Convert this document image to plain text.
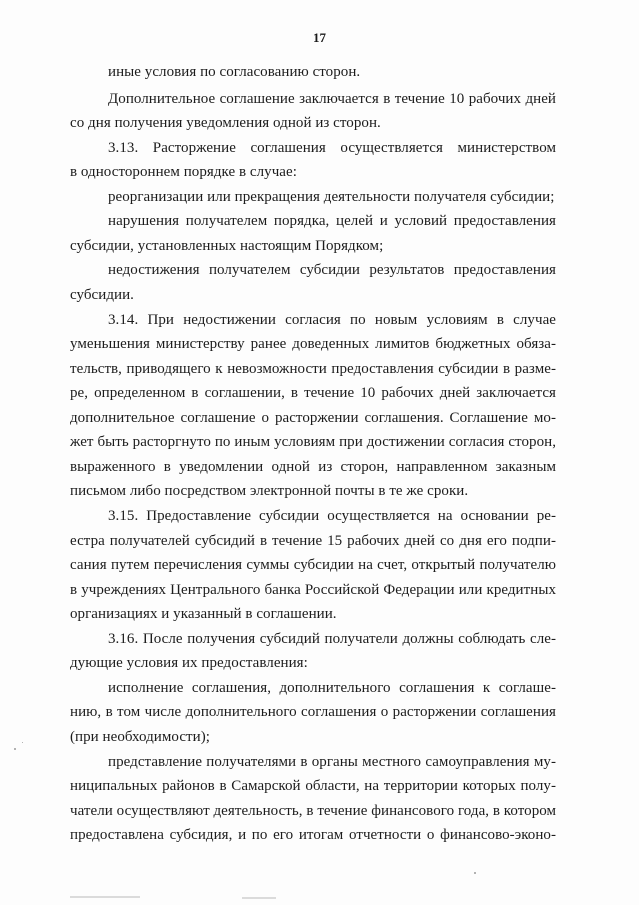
17
иные условия по согласованию сторон.
Дополнительное соглашение заключается в течение 10 рабочих дней
со дня получения уведомления одной из сторон.
3.13. Расторжение соглашения осуществляется министерством
в одностороннем порядке в случае:
реорганизации или прекращения деятельности получателя субсидии;
нарушения получателем порядка, целей и условий предоставления
субсидии, установленных настоящим Порядком;
недостижения получателем субсидии результатов предоставления
субсидии.
3.14. При недостижении согласия по новым условиям в случае
уменьшения министерству ранее доведенных лимитов бюджетных обяза-
тельств, приводящего к невозможности предоставления субсидии в разме-
ре, определенном в соглашении, в течение 10 рабочих дней заключается
дополнительное соглашение о расторжении соглашения. Соглашение мо-
жет быть расторгнуто по иным условиям при достижении согласия сторон,
выраженного в уведомлении одной из сторон, направленном заказным
письмом либо посредством электронной почты в те же сроки.
3.15. Предоставление субсидии осуществляется на основании ре-
естра получателей субсидий в течение 15 рабочих дней со дня его подпи-
сания путем перечисления суммы субсидии на счет, открытый получателю
в учреждениях Центрального банка Российской Федерации или кредитных
организациях и указанный в соглашении.
3.16. После получения субсидий получатели должны соблюдать сле-
дующие условия их предоставления:
исполнение соглашения, дополнительного соглашения к соглаше-
нию, в том числе дополнительного соглашения о расторжении соглашения
(при необходимости);
представление получателями в органы местного самоуправления му-
ниципальных районов в Самарской области, на территории которых полу-
чатели осуществляют деятельность, в течение финансового года, в котором
предоставлена субсидия, и по его итогам отчетности о финансово-эконо-
